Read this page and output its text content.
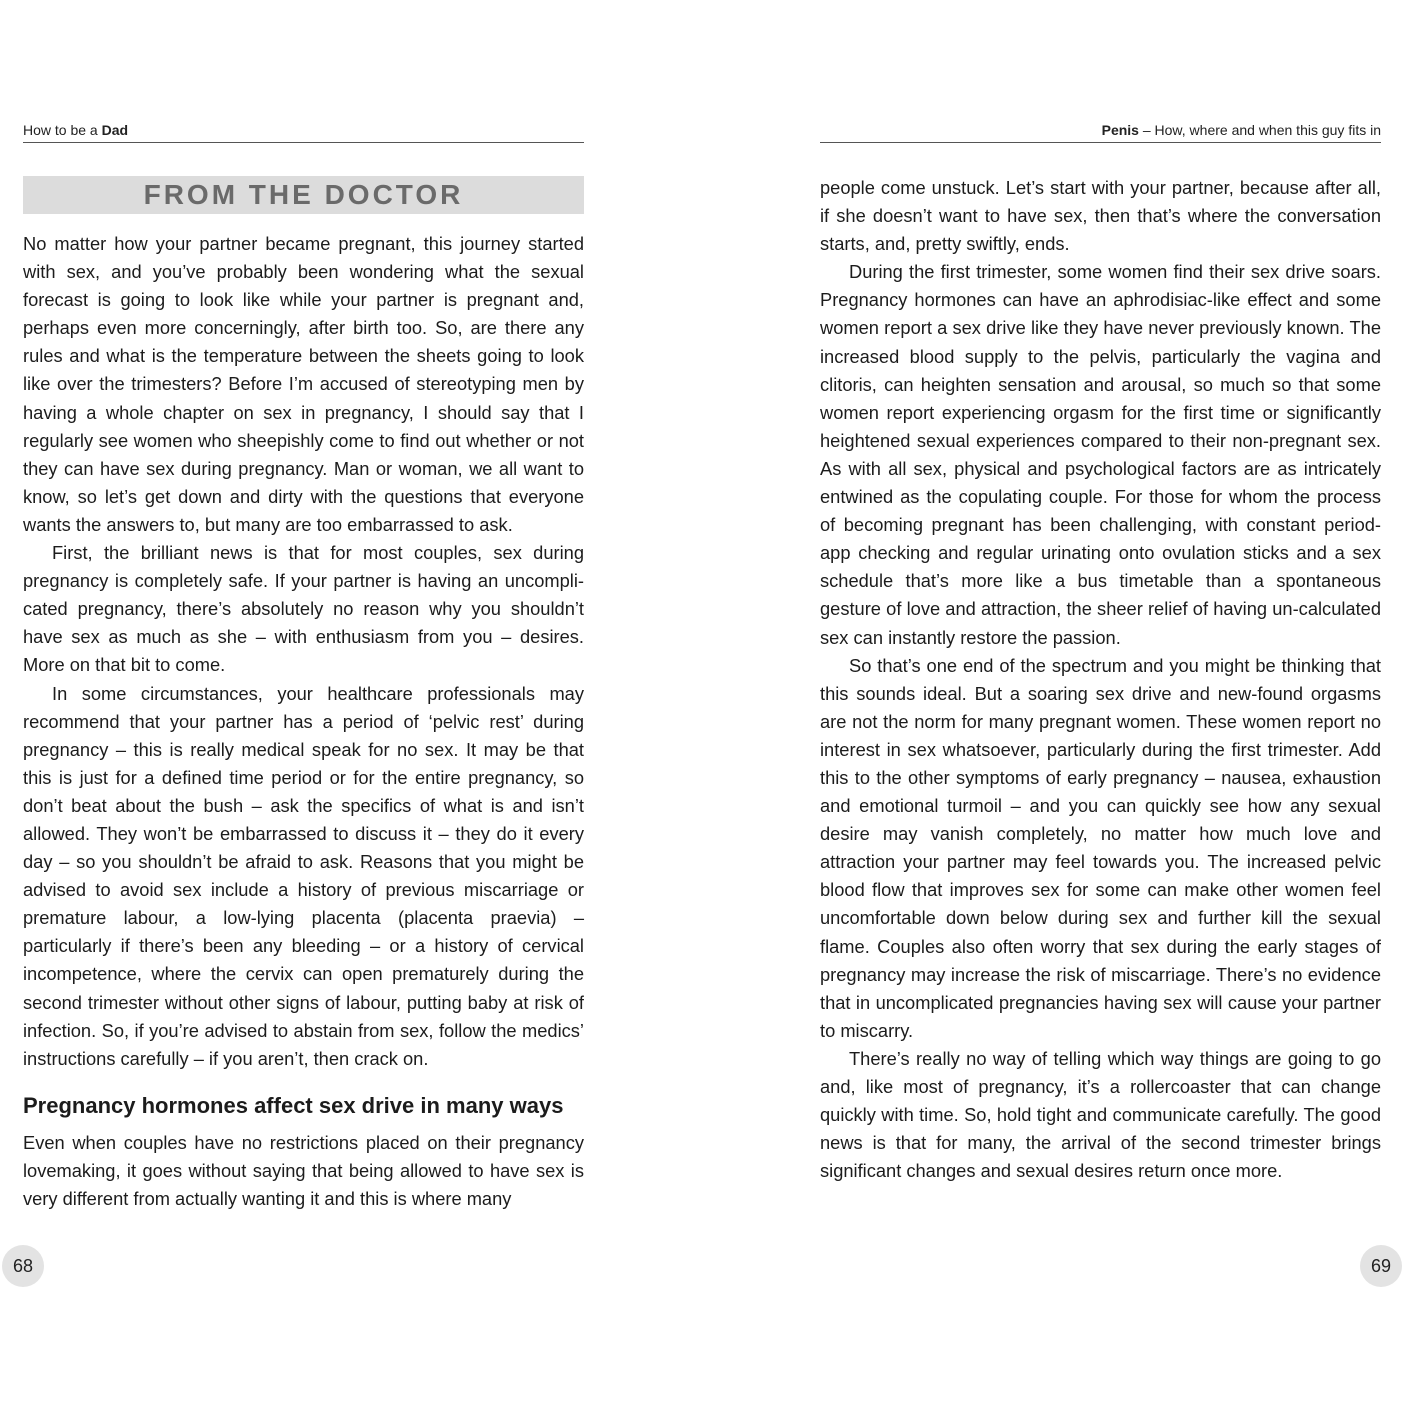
How to be a Dad
FROM THE DOCTOR

No matter how your partner became pregnant, this journey started with sex, and you’ve probably been wondering what the sexual forecast is going to look like while your partner is pregnant and, perhaps even more concerningly, after birth too. So, are there any rules and what is the temperature between the sheets going to look like over the trimesters? Before I’m accused of stereotyping men by having a whole chapter on sex in pregnancy, I should say that I regularly see women who sheepishly come to find out whether or not they can have sex during pregnancy. Man or woman, we all want to know, so let’s get down and dirty with the questions that everyone wants the answers to, but many are too embarrassed to ask.

First, the brilliant news is that for most couples, sex during pregnancy is completely safe. If your partner is having an uncomplicated pregnancy, there’s absolutely no reason why you shouldn’t have sex as much as she – with enthusiasm from you – desires. More on that bit to come.

In some circumstances, your healthcare professionals may recommend that your partner has a period of ‘pelvic rest’ during pregnancy – this is really medical speak for no sex. It may be that this is just for a defined time period or for the entire pregnancy, so don’t beat about the bush – ask the specifics of what is and isn’t allowed. They won’t be embarrassed to discuss it – they do it every day – so you shouldn’t be afraid to ask. Reasons that you might be advised to avoid sex include a history of previous miscarriage or premature labour, a low-lying placenta (placenta praevia) – particularly if there’s been any bleeding – or a history of cervical incompetence, where the cervix can open prematurely during the second trimester without other signs of labour, putting baby at risk of infection. So, if you’re advised to abstain from sex, follow the medics’ instructions carefully – if you aren’t, then crack on.

Pregnancy hormones affect sex drive in many ways

Even when couples have no restrictions placed on their pregnancy lovemaking, it goes without saying that being allowed to have sex is very different from actually wanting it and this is where many

68
Penis – How, where and when this guy fits in

people come unstuck. Let’s start with your partner, because after all, if she doesn’t want to have sex, then that’s where the conversation starts, and, pretty swiftly, ends.

During the first trimester, some women find their sex drive soars. Pregnancy hormones can have an aphrodisiac-like effect and some women report a sex drive like they have never previously known. The increased blood supply to the pelvis, particularly the vagina and clitoris, can heighten sensation and arousal, so much so that some women report experiencing orgasm for the first time or significantly heightened sexual experiences compared to their non-pregnant sex. As with all sex, physical and psychological factors are as intricately entwined as the copulating couple. For those for whom the process of becoming pregnant has been challenging, with constant period-app checking and regular urinating onto ovulation sticks and a sex schedule that’s more like a bus timetable than a spontaneous gesture of love and attraction, the sheer relief of having un-calculated sex can instantly restore the passion.

So that’s one end of the spectrum and you might be thinking that this sounds ideal. But a soaring sex drive and new-found orgasms are not the norm for many pregnant women. These women report no interest in sex whatsoever, particularly during the first trimester. Add this to the other symptoms of early pregnancy – nausea, exhaustion and emotional turmoil – and you can quickly see how any sexual desire may vanish completely, no matter how much love and attraction your partner may feel towards you. The increased pelvic blood flow that improves sex for some can make other women feel uncomfortable down below during sex and further kill the sexual flame. Couples also often worry that sex during the early stages of pregnancy may increase the risk of miscarriage. There’s no evidence that in uncomplicated pregnancies having sex will cause your partner to miscarry.

There’s really no way of telling which way things are going to go and, like most of pregnancy, it’s a rollercoaster that can change quickly with time. So, hold tight and communicate carefully. The good news is that for many, the arrival of the second trimester brings significant changes and sexual desires return once more.

69
